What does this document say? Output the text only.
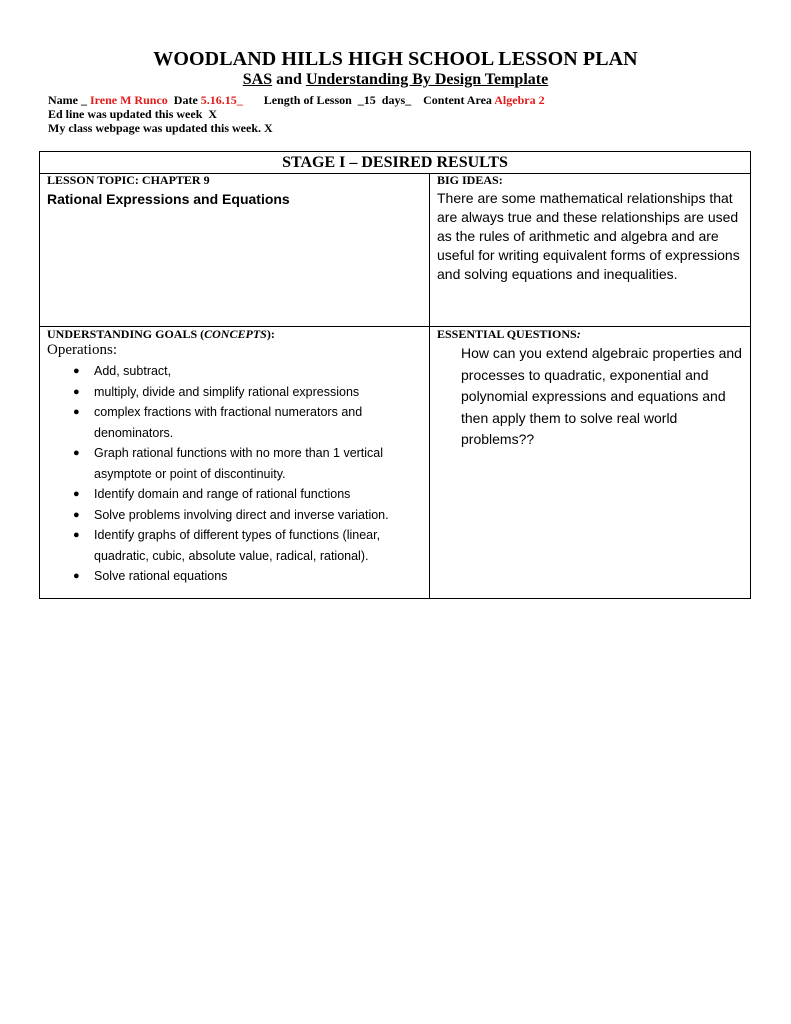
WOODLAND HILLS HIGH SCHOOL LESSON PLAN
SAS and Understanding By Design Template
Name _ Irene M Runco  Date 5.16.15_       Length of Lesson  _15  days_    Content Area Algebra 2
Ed line was updated this week  X
My class webpage was updated this week. X
STAGE I – DESIRED RESULTS
LESSON TOPIC: CHAPTER 9
Rational Expressions and Equations
BIG IDEAS:
There are some mathematical relationships that are always true and these relationships are used as the rules of arithmetic and algebra and are useful for writing equivalent forms of expressions and solving equations and inequalities.
UNDERSTANDING GOALS (CONCEPTS):
Operations:
● Add, subtract,
● multiply, divide and simplify rational expressions
● complex fractions with fractional numerators and denominators.
● Graph rational functions with no more than 1 vertical asymptote or point of discontinuity.
● Identify domain and range of rational functions
● Solve problems involving direct and inverse variation.
● Identify graphs of different types of functions (linear, quadratic, cubic, absolute value, radical, rational).
● Solve rational equations
ESSENTIAL QUESTIONS:
How can you extend algebraic properties and processes to quadratic, exponential and polynomial expressions and equations and then apply them to solve real world problems??
